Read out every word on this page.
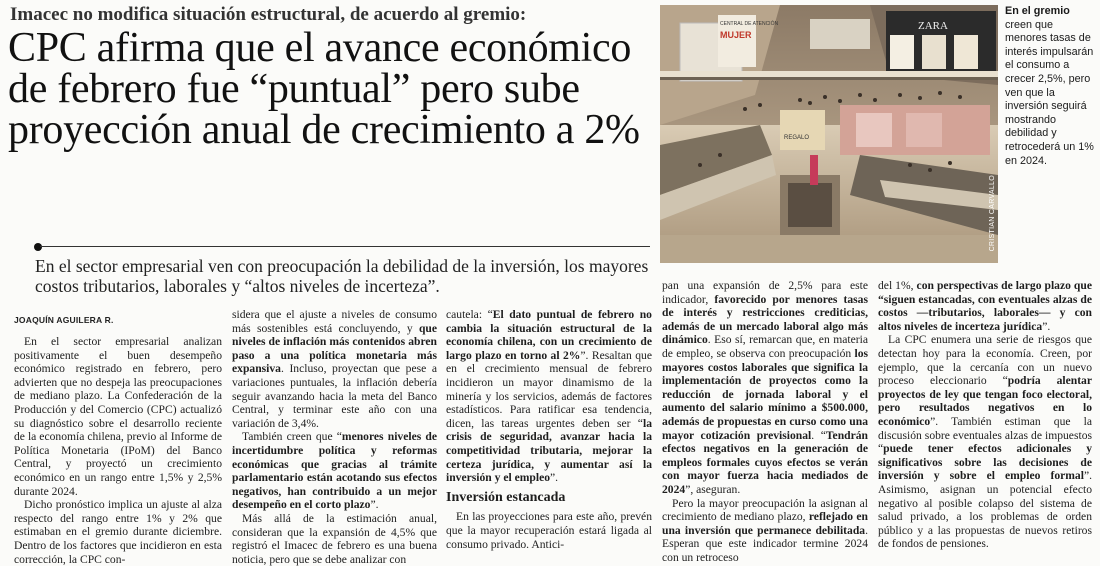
Imacec no modifica situación estructural, de acuerdo al gremio:
CPC afirma que el avance económico de febrero fue “puntual” pero sube proyección anual de crecimiento a 2%
En el sector empresarial ven con preocupación la debilidad de la inversión, los mayores costos tributarios, laborales y “altos niveles de incerteza”.
JOAQUÍN AGUILERA R.
CENTRAL DE ATENCIÓN
MUJER
ZARA
REGALO
CRISTIAN CARVALLO
En el gremio
creen que menores tasas de interés impulsarán el consumo a crecer 2,5%, pero ven que la inversión seguirá mostrando debilidad y retrocederá un 1% en 2024.

En el sector empresarial analizan positivamente el buen desempeño económico registrado en febrero, pero advierten que no despeja las preocupaciones de mediano plazo. La Confederación de la Producción y del Comercio (CPC) actualizó su diagnóstico sobre el desarrollo reciente de la economía chilena, previo al Informe de Política Monetaria (IPoM) del Banco Central, y proyectó un crecimiento económico en un rango entre 1,5% y 2,5% durante 2024.

Dicho pronóstico implica un ajuste al alza respecto del rango entre 1% y 2% que estimaban en el gremio durante diciembre. Dentro de los factores que incidieron en esta corrección, la CPC con-

sidera que el ajuste a niveles de consumo más sostenibles está concluyendo, y que niveles de inflación más contenidos abren paso a una política monetaria más expansiva. Incluso, proyectan que pese a variaciones puntuales, la inflación debería seguir avanzando hacia la meta del Banco Central, y terminar este año con una variación de 3,4%.

También creen que “menores niveles de incertidumbre política y reformas económicas que gracias al trámite parlamentario están acotando sus efectos negativos, han contribuido a un mejor desempeño en el corto plazo”.

Más allá de la estimación anual, consideran que la expansión de 4,5% que registró el Imacec de febrero es una buena noticia, pero que se debe analizar con

cautela: “El dato puntual de febrero no cambia la situación estructural de la economía chilena, con un crecimiento de largo plazo en torno al 2%”. Resaltan que en el crecimiento mensual de febrero incidieron un mayor dinamismo de la minería y los servicios, además de factores estadísticos. Para ratificar esa tendencia, dicen, las tareas urgentes deben ser “la crisis de seguridad, avanzar hacia la competitividad tributaria, mejorar la certeza jurídica, y aumentar así la inversión y el empleo”.

Inversión estancada

En las proyecciones para este año, prevén que la mayor recuperación estará ligada al consumo privado. Antici-

pan una expansión de 2,5% para este indicador, favorecido por menores tasas de interés y restricciones crediticias, además de un mercado laboral algo más dinámico. Eso sí, remarcan que, en materia de empleo, se observa con preocupación los mayores costos laborales que significa la implementación de proyectos como la reducción de jornada laboral y el aumento del salario mínimo a $500.000, además de propuestas en curso como una mayor cotización previsional. “Tendrán efectos negativos en la generación de empleos formales cuyos efectos se verán con mayor fuerza hacia mediados de 2024”, aseguran.

Pero la mayor preocupación la asignan al crecimiento de mediano plazo, reflejado en una inversión que permanece debilitada. Esperan que este indicador termine 2024 con un retroceso

del 1%, con perspectivas de largo plazo que “siguen estancadas, con eventuales alzas de costos —tributarios, laborales— y con altos niveles de incerteza jurídica”.

La CPC enumera una serie de riesgos que detectan hoy para la economía. Creen, por ejemplo, que la cercanía con un nuevo proceso eleccionario “podría alentar proyectos de ley que tengan foco electoral, pero resultados negativos en lo económico”. También estiman que la discusión sobre eventuales alzas de impuestos “puede tener efectos adicionales y significativos sobre las decisiones de inversión y sobre el empleo formal”. Asimismo, asignan un potencial efecto negativo al posible colapso del sistema de salud privado, a los problemas de orden público y a las propuestas de nuevos retiros de fondos de pensiones.
